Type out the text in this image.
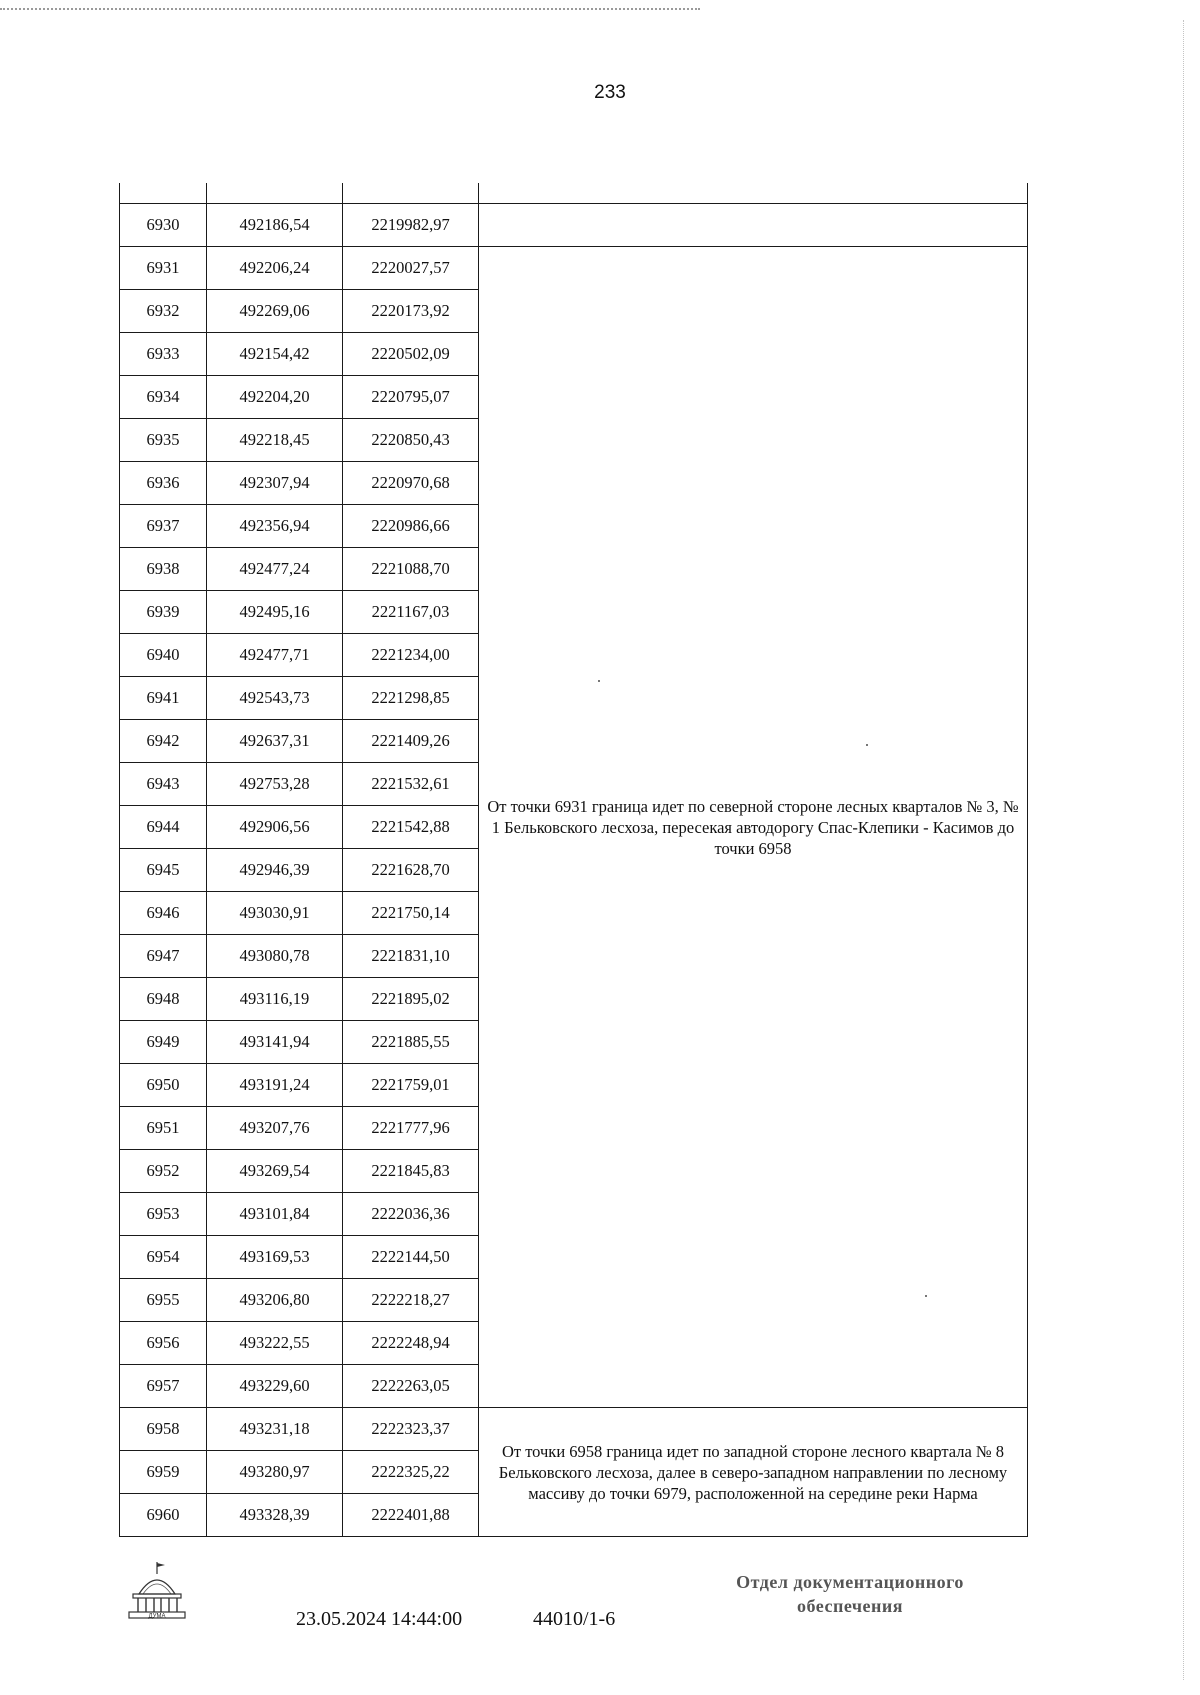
233

6930	492186,54	2219982,97	
6931	492206,24	2220027,57	От точки 6931 граница идет по северной стороне лесных кварталов № 3, № 1 Бельковского лесхоза, пересекая автодорогу Спас-Клепики - Касимов до точки 6958
6932	492269,06	2220173,92	
6933	492154,42	2220502,09	
6934	492204,20	2220795,07	
6935	492218,45	2220850,43	
6936	492307,94	2220970,68	
6937	492356,94	2220986,66	
6938	492477,24	2221088,70	
6939	492495,16	2221167,03	
6940	492477,71	2221234,00	
6941	492543,73	2221298,85	
6942	492637,31	2221409,26	
6943	492753,28	2221532,61	
6944	492906,56	2221542,88	
6945	492946,39	2221628,70	
6946	493030,91	2221750,14	
6947	493080,78	2221831,10	
6948	493116,19	2221895,02	
6949	493141,94	2221885,55	
6950	493191,24	2221759,01	
6951	493207,76	2221777,96	
6952	493269,54	2221845,83	
6953	493101,84	2222036,36	
6954	493169,53	2222144,50	
6955	493206,80	2222218,27	
6956	493222,55	2222248,94	
6957	493229,60	2222263,05	
6958	493231,18	2222323,37	От точки 6958 граница идет по западной стороне лесного квартала № 8 Бельковского лесхоза, далее в северо-западном направлении по лесному массиву до точки 6979, расположенной на середине реки Нарма
6959	493280,97	2222325,22	
6960	493328,39	2222401,88	
ДУМА	23.05.2024 14:44:00	44010/1-6
Отдел документационного
обеспечения
